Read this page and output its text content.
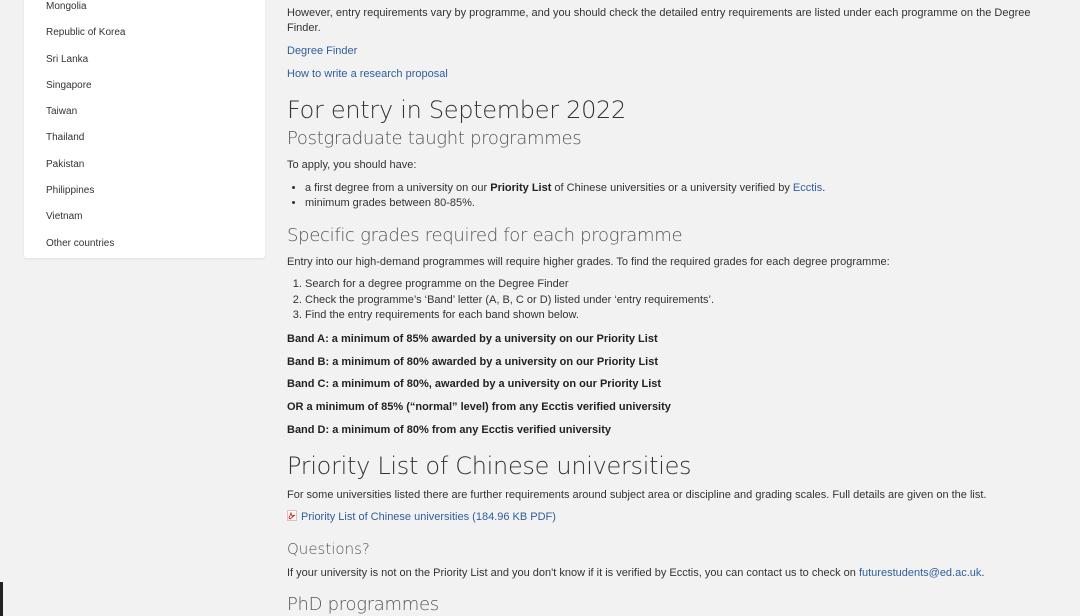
Mongolia
Republic of Korea
Sri Lanka
Singapore
Taiwan
Thailand
Pakistan
Philippines
Vietnam
Other countries

However, entry requirements vary by programme, and you should check the detailed entry requirements are listed under each programme on the Degree Finder.

Degree Finder
How to write a research proposal
For entry in September 2022
Postgraduate taught programmes

To apply, you should have:

• a first degree from a university on our Priority List of Chinese universities or a university verified by Ecctis.
• minimum grades between 80-85%.
Specific grades required for each programme

Entry into our high-demand programmes will require higher grades. To find the required grades for each degree programme:

1. Search for a degree programme on the Degree Finder
2. Check the programme’s ‘Band’ letter (A, B, C or D) listed under ‘entry requirements’.
3. Find the entry requirements for each band shown below.

Band A: a minimum of 85% awarded by a university on our Priority List

Band B: a minimum of 80% awarded by a university on our Priority List

Band C: a minimum of 80%, awarded by a university on our Priority List

OR a minimum of 85% (“normal” level) from any Ecctis verified university

Band D: a minimum of 80% from any Ecctis verified university

Priority List of Chinese universities

For some universities listed there are further requirements around subject area or discipline and grading scales. Full details are given on the list.

Priority List of Chinese universities (184.96 KB PDF)
Questions?

If your university is not on the Priority List and you don't know if it is verified by Ecctis, you can contact us to check on futurestudents@ed.ac.uk.

PhD programmes
